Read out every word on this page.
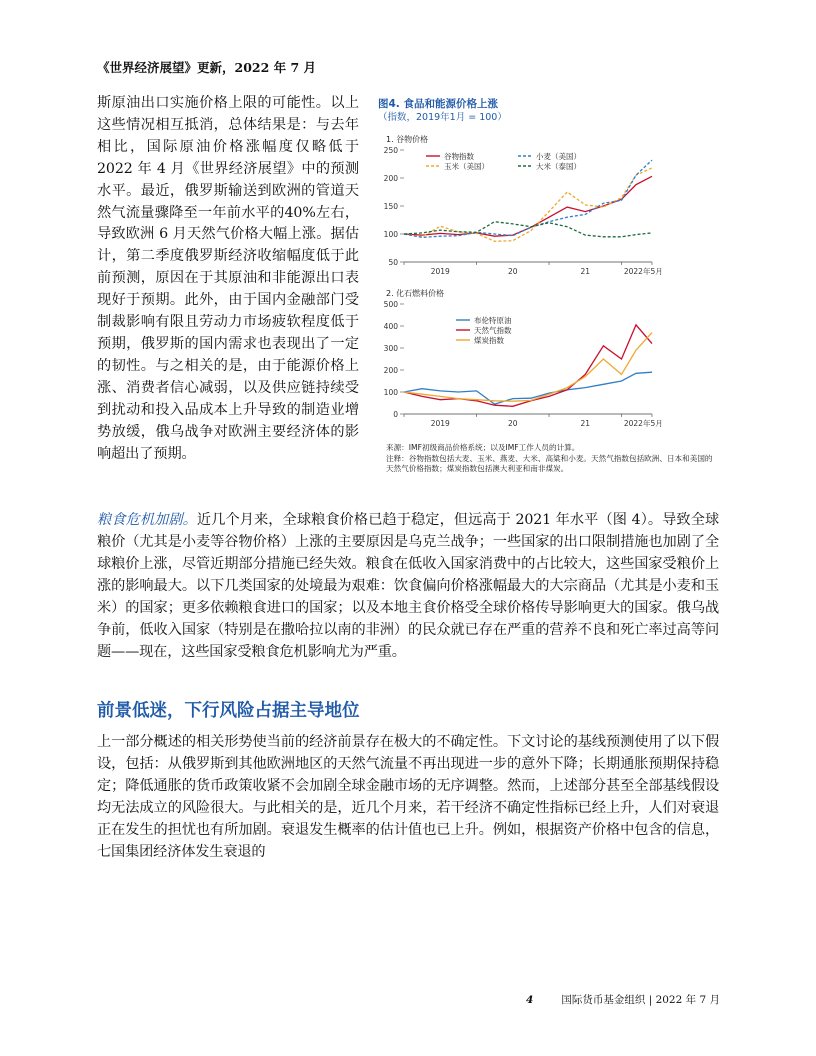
《世界经济展望》更新，2022 年 7 月
斯原油出口实施价格上限的可能性。以上这些情况相互抵消，总体结果是：与去年相比，国际原油价格涨幅度仅略低于 2022 年 4 月《世界经济展望》中的预测水平。最近，俄罗斯输送到欧洲的管道天然气流量骤降至一年前水平的40%左右，导致欧洲 6 月天然气价格大幅上涨。据估计，第二季度俄罗斯经济收缩幅度低于此前预测，原因在于其原油和非能源出口表现好于预期。此外，由于国内金融部门受制裁影响有限且劳动力市场疲软程度低于预期，俄罗斯的国内需求也表现出了一定的韧性。与之相关的是，由于能源价格上涨、消费者信心减弱，以及供应链持续受到扰动和投入品成本上升导致的制造业增势放缓，俄乌战争对欧洲主要经济体的影响超出了预期。
图4. 食品和能源价格上涨
（指数，2019年1月 = 100）
1. 谷物价格
50
100
150
200
250
2019	20	21	2022年5月
谷物指数	小麦（美国）
玉米（美国）	大米（泰国）
2. 化石燃料价格
0
100
200
300
400
500
2019	20	21	2022年5月
布伦特原油
天然气指数
煤炭指数
来源：IMF初级商品价格系统；以及IMF工作人员的计算。
注释：谷物指数包括大麦、玉米、燕麦、大米、高粱和小麦。天然气指数包括欧洲、日本和美国的天然气价格指数；煤炭指数包括澳大利亚和南非煤炭。
粮食危机加剧。近几个月来，全球粮食价格已趋于稳定，但远高于 2021 年水平（图 4）。导致全球粮价（尤其是小麦等谷物价格）上涨的主要原因是乌克兰战争；一些国家的出口限制措施也加剧了全球粮价上涨，尽管近期部分措施已经失效。粮食在低收入国家消费中的占比较大，这些国家受粮价上涨的影响最大。以下几类国家的处境最为艰难：饮食偏向价格涨幅最大的大宗商品（尤其是小麦和玉米）的国家；更多依赖粮食进口的国家；以及本地主食价格受全球价格传导影响更大的国家。俄乌战争前，低收入国家（特别是在撒哈拉以南的非洲）的民众就已存在严重的营养不良和死亡率过高等问题——现在，这些国家受粮食危机影响尤为严重。
前景低迷，下行风险占据主导地位
上一部分概述的相关形势使当前的经济前景存在极大的不确定性。下文讨论的基线预测使用了以下假设，包括：从俄罗斯到其他欧洲地区的天然气流量不再出现进一步的意外下降；长期通胀预期保持稳定；降低通胀的货币政策收紧不会加剧全球金融市场的无序调整。然而，上述部分甚至全部基线假设均无法成立的风险很大。与此相关的是，近几个月来，若干经济不确定性指标已经上升，人们对衰退正在发生的担忧也有所加剧。衰退发生概率的估计值也已上升。例如，根据资产价格中包含的信息，七国集团经济体发生衰退的
4	国际货币基金组织 | 2022 年 7 月
